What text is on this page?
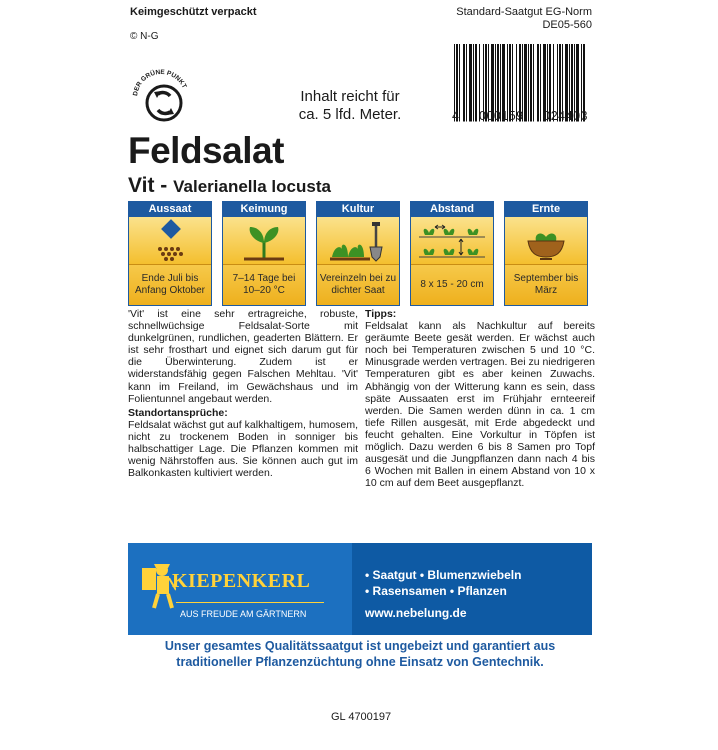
Keimgeschützt verpackt
© N-G
Standard-Saatgut EG-Norm
DE05-560
DER GRÜNE PUNKT
Inhalt reicht für
ca. 5 lfd. Meter.	4 000159 024403
Feldsalat
Vit - Valerianella locusta
Aussaat
Ende Juli bis Anfang Oktober
Keimung
7–14 Tage bei 10–20 °C
Kultur
Vereinzeln bei zu dichter Saat
Abstand
8 x 15 - 20 cm
Ernte
September bis März

'Vit' ist eine sehr ertragreiche, robuste, schnellwüchsige Feldsalat-Sorte mit dunkelgrünen, rundlichen, geaderten Blättern. Er ist sehr frosthart und eignet sich darum gut für die Überwinterung. Zudem ist er widerstandsfähig gegen Falschen Mehltau. 'Vit' kann im Freiland, im Gewächshaus und im Folientunnel angebaut werden.

Standortansprüche:

Feldsalat wächst gut auf kalkhaltigem, humosem, nicht zu trockenem Boden in sonniger bis halbschattiger Lage. Die Pflanzen kommen mit wenig Nährstoffen aus. Sie können auch gut im Balkonkasten kultiviert werden.

Tipps:

Feldsalat kann als Nachkultur auf bereits geräumte Beete gesät werden. Er wächst auch noch bei Temperaturen zwischen 5 und 10 °C. Minusgrade werden vertragen. Bei zu niedrigeren Temperaturen gibt es aber keinen Zuwachs. Abhängig von der Witterung kann es sein, dass späte Aussaaten erst im Frühjahr ernteereif werden. Die Samen werden dünn in ca. 1 cm tiefe Rillen ausgesät, mit Erde abgedeckt und feucht gehalten. Eine Vorkultur in Töpfen ist möglich. Dazu werden 6 bis 8 Samen pro Topf ausgesät und die Jungpflanzen dann nach 4 bis 6 Wochen mit Ballen in einem Abstand von 10 x 10 cm auf dem Beet ausgepflanzt.

KIEPENKERL
AUS FREUDE AM GÄRTNERN
• Saatgut • Blumenzwiebeln
• Rasensamen • Pflanzen
www.nebelung.de
Unser gesamtes Qualitätssaatgut ist ungebeizt und garantiert aus traditioneller Pflanzenzüchtung ohne Einsatz von Gentechnik.
GL 4700197
